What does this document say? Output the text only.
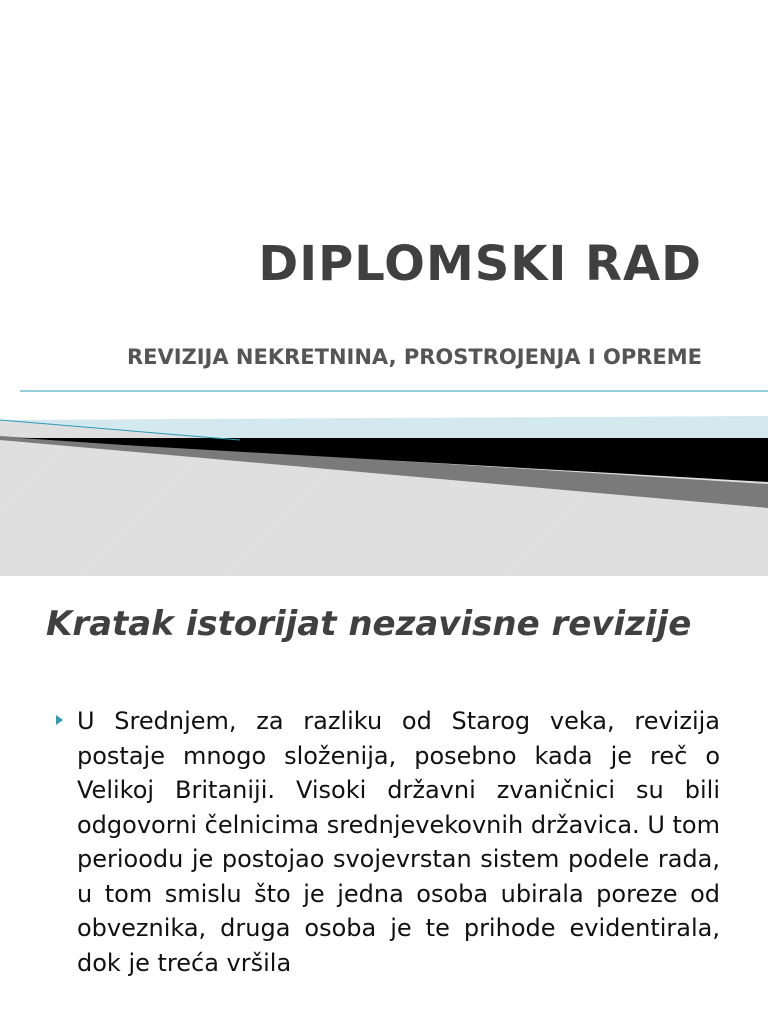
DIPLOMSKI RAD

REVIZIJA NEKRETNINA, PROSTROJENJA I OPREME

Kratak istorijat nezavisne revizije

U Srednjem, za razliku od Starog veka, revizija postaje mnogo složenija, posebno kada je reč o Velikoj Britaniji. Visoki državni zvaničnici su bili odgovorni čelnicima srednjevekovnih državica. U tom perioodu je postojao svojevrstan sistem podele rada, u tom smislu što je jedna osoba ubirala poreze od obveznika, druga osoba je te prihode evidentirala, dok je treća vršila
